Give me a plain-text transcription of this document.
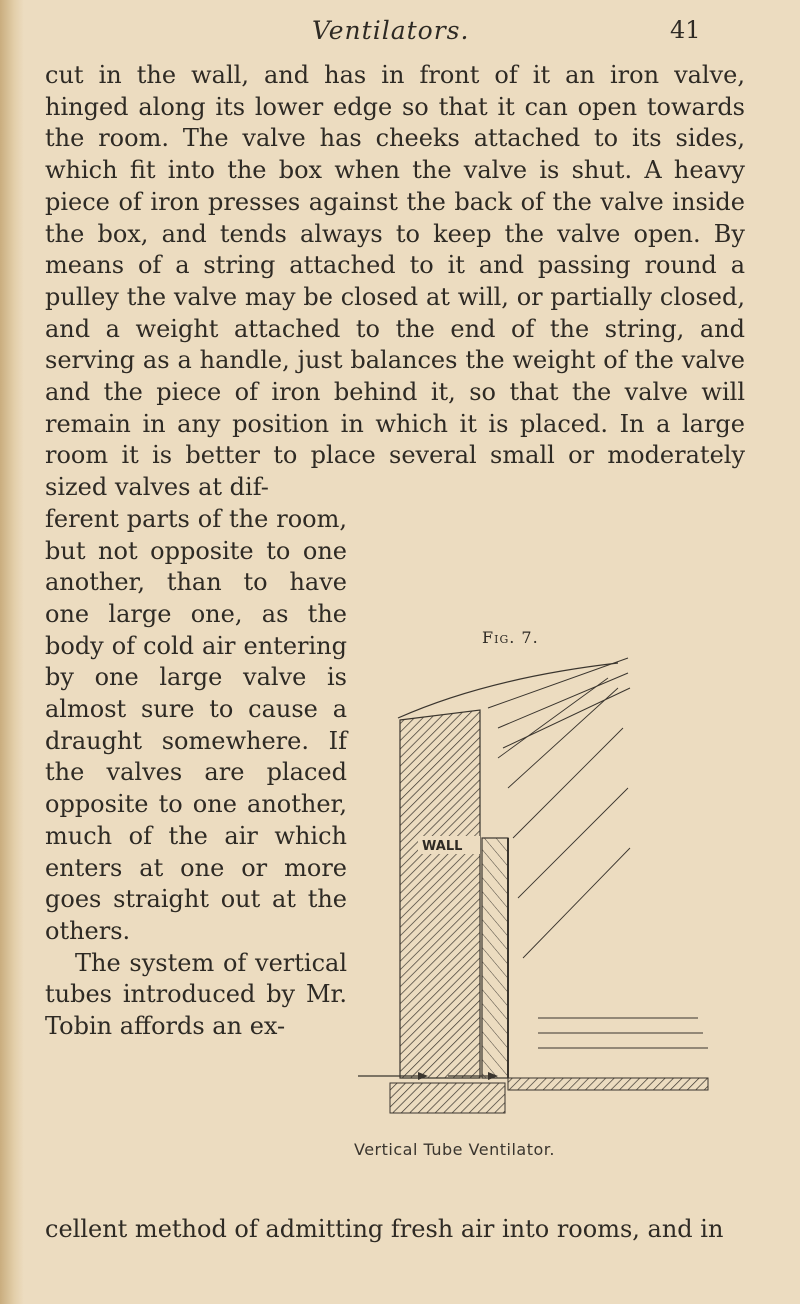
Ventilators.	41

cut in the wall, and has in front of it an iron valve, hinged along its lower edge so that it can open towards the room. The valve has cheeks attached to its sides, which fit into the box when the valve is shut. A heavy piece of iron presses against the back of the valve inside the box, and tends always to keep the valve open. By means of a string attached to it and passing round a pulley the valve may be closed at will, or partially closed, and a weight attached to the end of the string, and serving as a handle, just balances the weight of the valve and the piece of iron behind it, so that the valve will remain in any position in which it is placed. In a large room it is better to place several small or moderately sized valves at dif-

ferent parts of the room, but not opposite to one another, than to have one large one, as the body of cold air entering by one large valve is almost sure to cause a draught somewhere. If the valves are placed opposite to one another, much of the air which enters at one or more goes straight out at the others.

The system of vertical tubes introduced by Mr. Tobin affords an ex-

cellent method of admitting fresh air into rooms, and in
Fig. 7.
WALL
Vertical Tube Ventilator.
